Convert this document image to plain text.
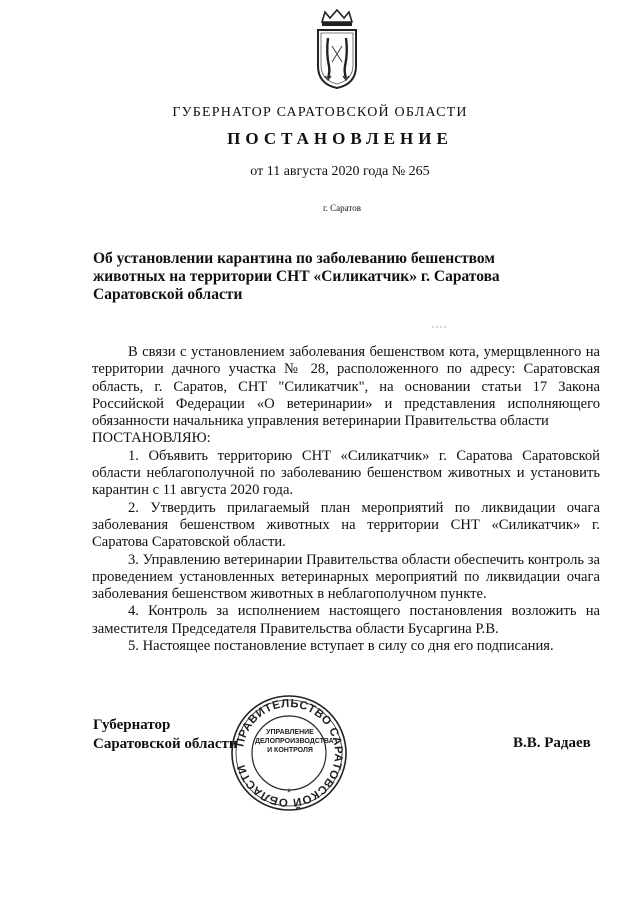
ГУБЕРНАТОР САРАТОВСКОЙ ОБЛАСТИ
ПОСТАНОВЛЕНИЕ
от 11 августа 2020 года № 265
г. Саратов
Об установлении карантина по заболеванию бешенством животных на территории СНТ «Силикатчик» г. Саратова Саратовской области

В связи с установлением заболевания бешенством кота, умерщвленного на территории дачного участка № 28, расположенного по адресу: Саратовская область, г. Саратов, СНТ "Силикатчик", на основании статьи 17 Закона Российской Федерации «О ветеринарии» и представления исполняющего обязанности начальника управления ветеринарии Правительства области

ПОСТАНОВЛЯЮ:

1. Объявить территорию СНТ «Силикатчик» г. Саратова Саратовской области неблагополучной по заболеванию бешенством животных и установить карантин с 11 августа 2020 года.

2. Утвердить прилагаемый план мероприятий по ликвидации очага заболевания бешенством животных на территории СНТ «Силикатчик» г. Саратова Саратовской области.

3. Управлению ветеринарии Правительства области обеспечить контроль за проведением установленных ветеринарных мероприятий по ликвидации очага заболевания бешенством животных в неблагополучном пункте.

4. Контроль за исполнением настоящего постановления возложить на заместителя Председателя Правительства области Бусаргина Р.В.

5. Настоящее постановление вступает в силу со дня его подписания.

Губернатор
Саратовской области
ПРАВИТЕЛЬСТВО САРАТОВСКОЙ ОБЛАСТИ
*
УПРАВЛЕНИЕ
ДЕЛОПРОИЗВОДСТВА
И КОНТРОЛЯ	В.В. Радаев
